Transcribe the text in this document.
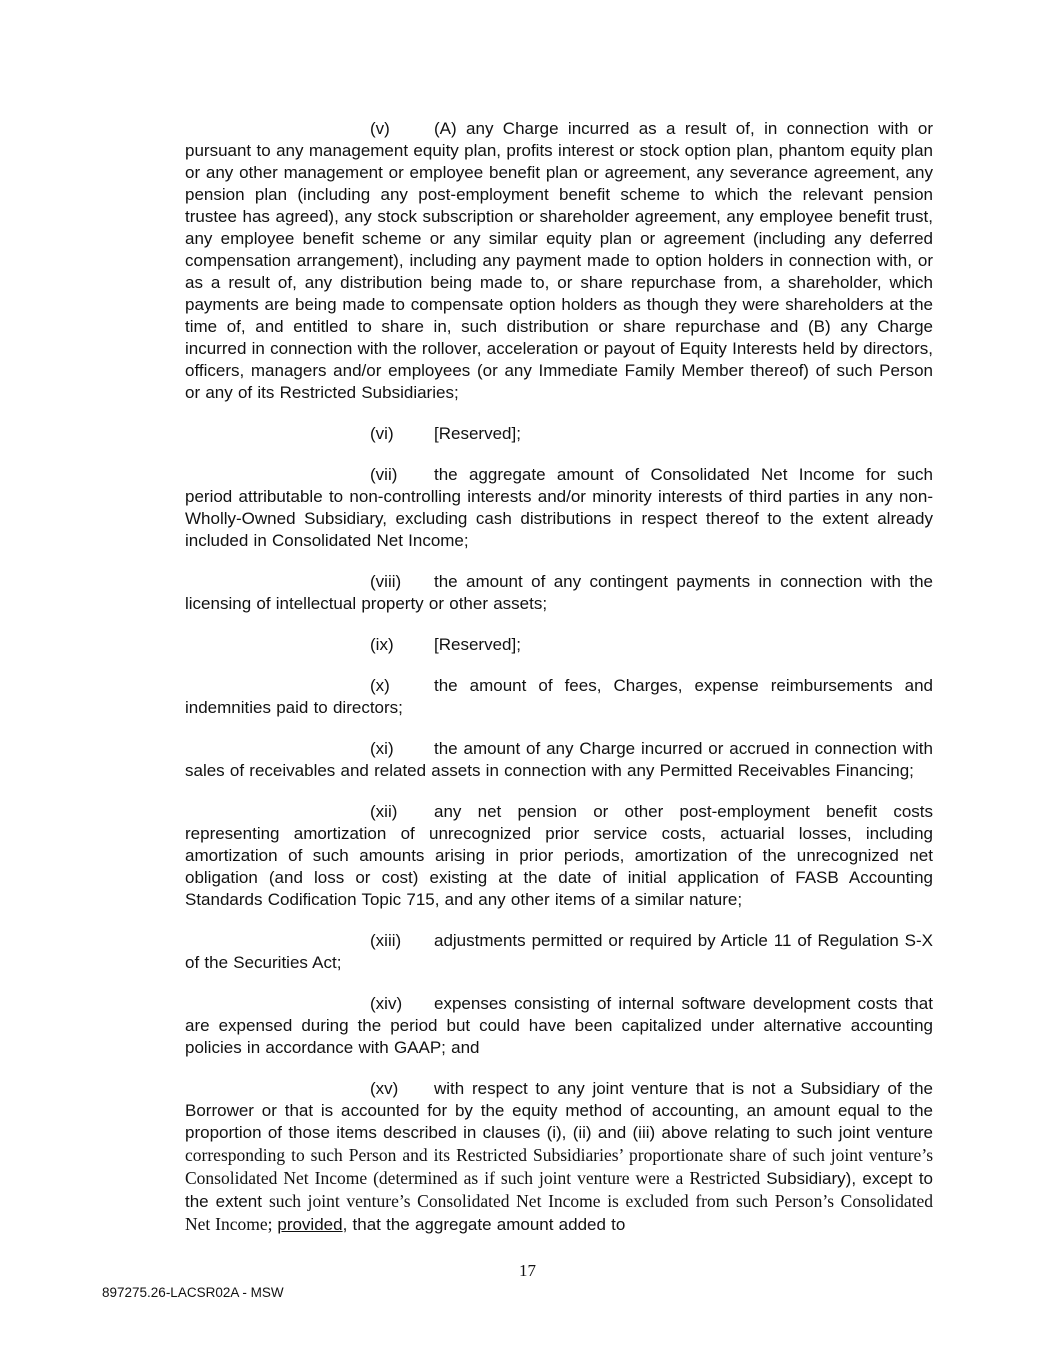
(v)	(A) any Charge incurred as a result of, in connection with or pursuant to any management equity plan, profits interest or stock option plan, phantom equity plan or any other management or employee benefit plan or agreement, any severance agreement, any pension plan (including any post-employment benefit scheme to which the relevant pension trustee has agreed), any stock subscription or shareholder agreement, any employee benefit trust, any employee benefit scheme or any similar equity plan or agreement (including any deferred compensation arrangement), including any payment made to option holders in connection with, or as a result of, any distribution being made to, or share repurchase from, a shareholder, which payments are being made to compensate option holders as though they were shareholders at the time of, and entitled to share in, such distribution or share repurchase and (B) any Charge incurred in connection with the rollover, acceleration or payout of Equity Interests held by directors, officers, managers and/or employees (or any Immediate Family Member thereof) of such Person or any of its Restricted Subsidiaries;

(vi) [Reserved];

(vii) the aggregate amount of Consolidated Net Income for such period attributable to non-controlling interests and/or minority interests of third parties in any non-Wholly-Owned Subsidiary, excluding cash distributions in respect thereof to the extent already included in Consolidated Net Income;

(viii) the amount of any contingent payments in connection with the licensing of intellectual property or other assets;

(ix) [Reserved];

(x)	the amount of fees, Charges, expense reimbursements and indemnities paid to directors;

(xi) the amount of any Charge incurred or accrued in connection with sales of receivables and related assets in connection with any Permitted Receivables Financing;

(xii) any net pension or other post-employment benefit costs representing amortization of unrecognized prior service costs, actuarial losses, including amortization of such amounts arising in prior periods, amortization of the unrecognized net obligation (and loss or cost) existing at the date of initial application of FASB Accounting Standards Codification Topic 715, and any other items of a similar nature;

(xiii) adjustments permitted or required by Article 11 of Regulation S-X of the Securities Act;

(xiv) expenses consisting of internal software development costs that are expensed during the period but could have been capitalized under alternative accounting policies in accordance with GAAP; and

(xv) with respect to any joint venture that is not a Subsidiary of the Borrower or that is accounted for by the equity method of accounting, an amount equal to the proportion of those items described in clauses (i), (ii) and (iii) above relating to such joint venture corresponding to such Person and its Restricted Subsidiaries’ proportionate share of such joint venture’s Consolidated Net Income (determined as if such joint venture were a Restricted Subsidiary), except to the extent such joint venture’s Consolidated Net Income is excluded from such Person’s Consolidated Net Income; provided, that the aggregate amount added to

17
897275.26-LACSR02A - MSW
